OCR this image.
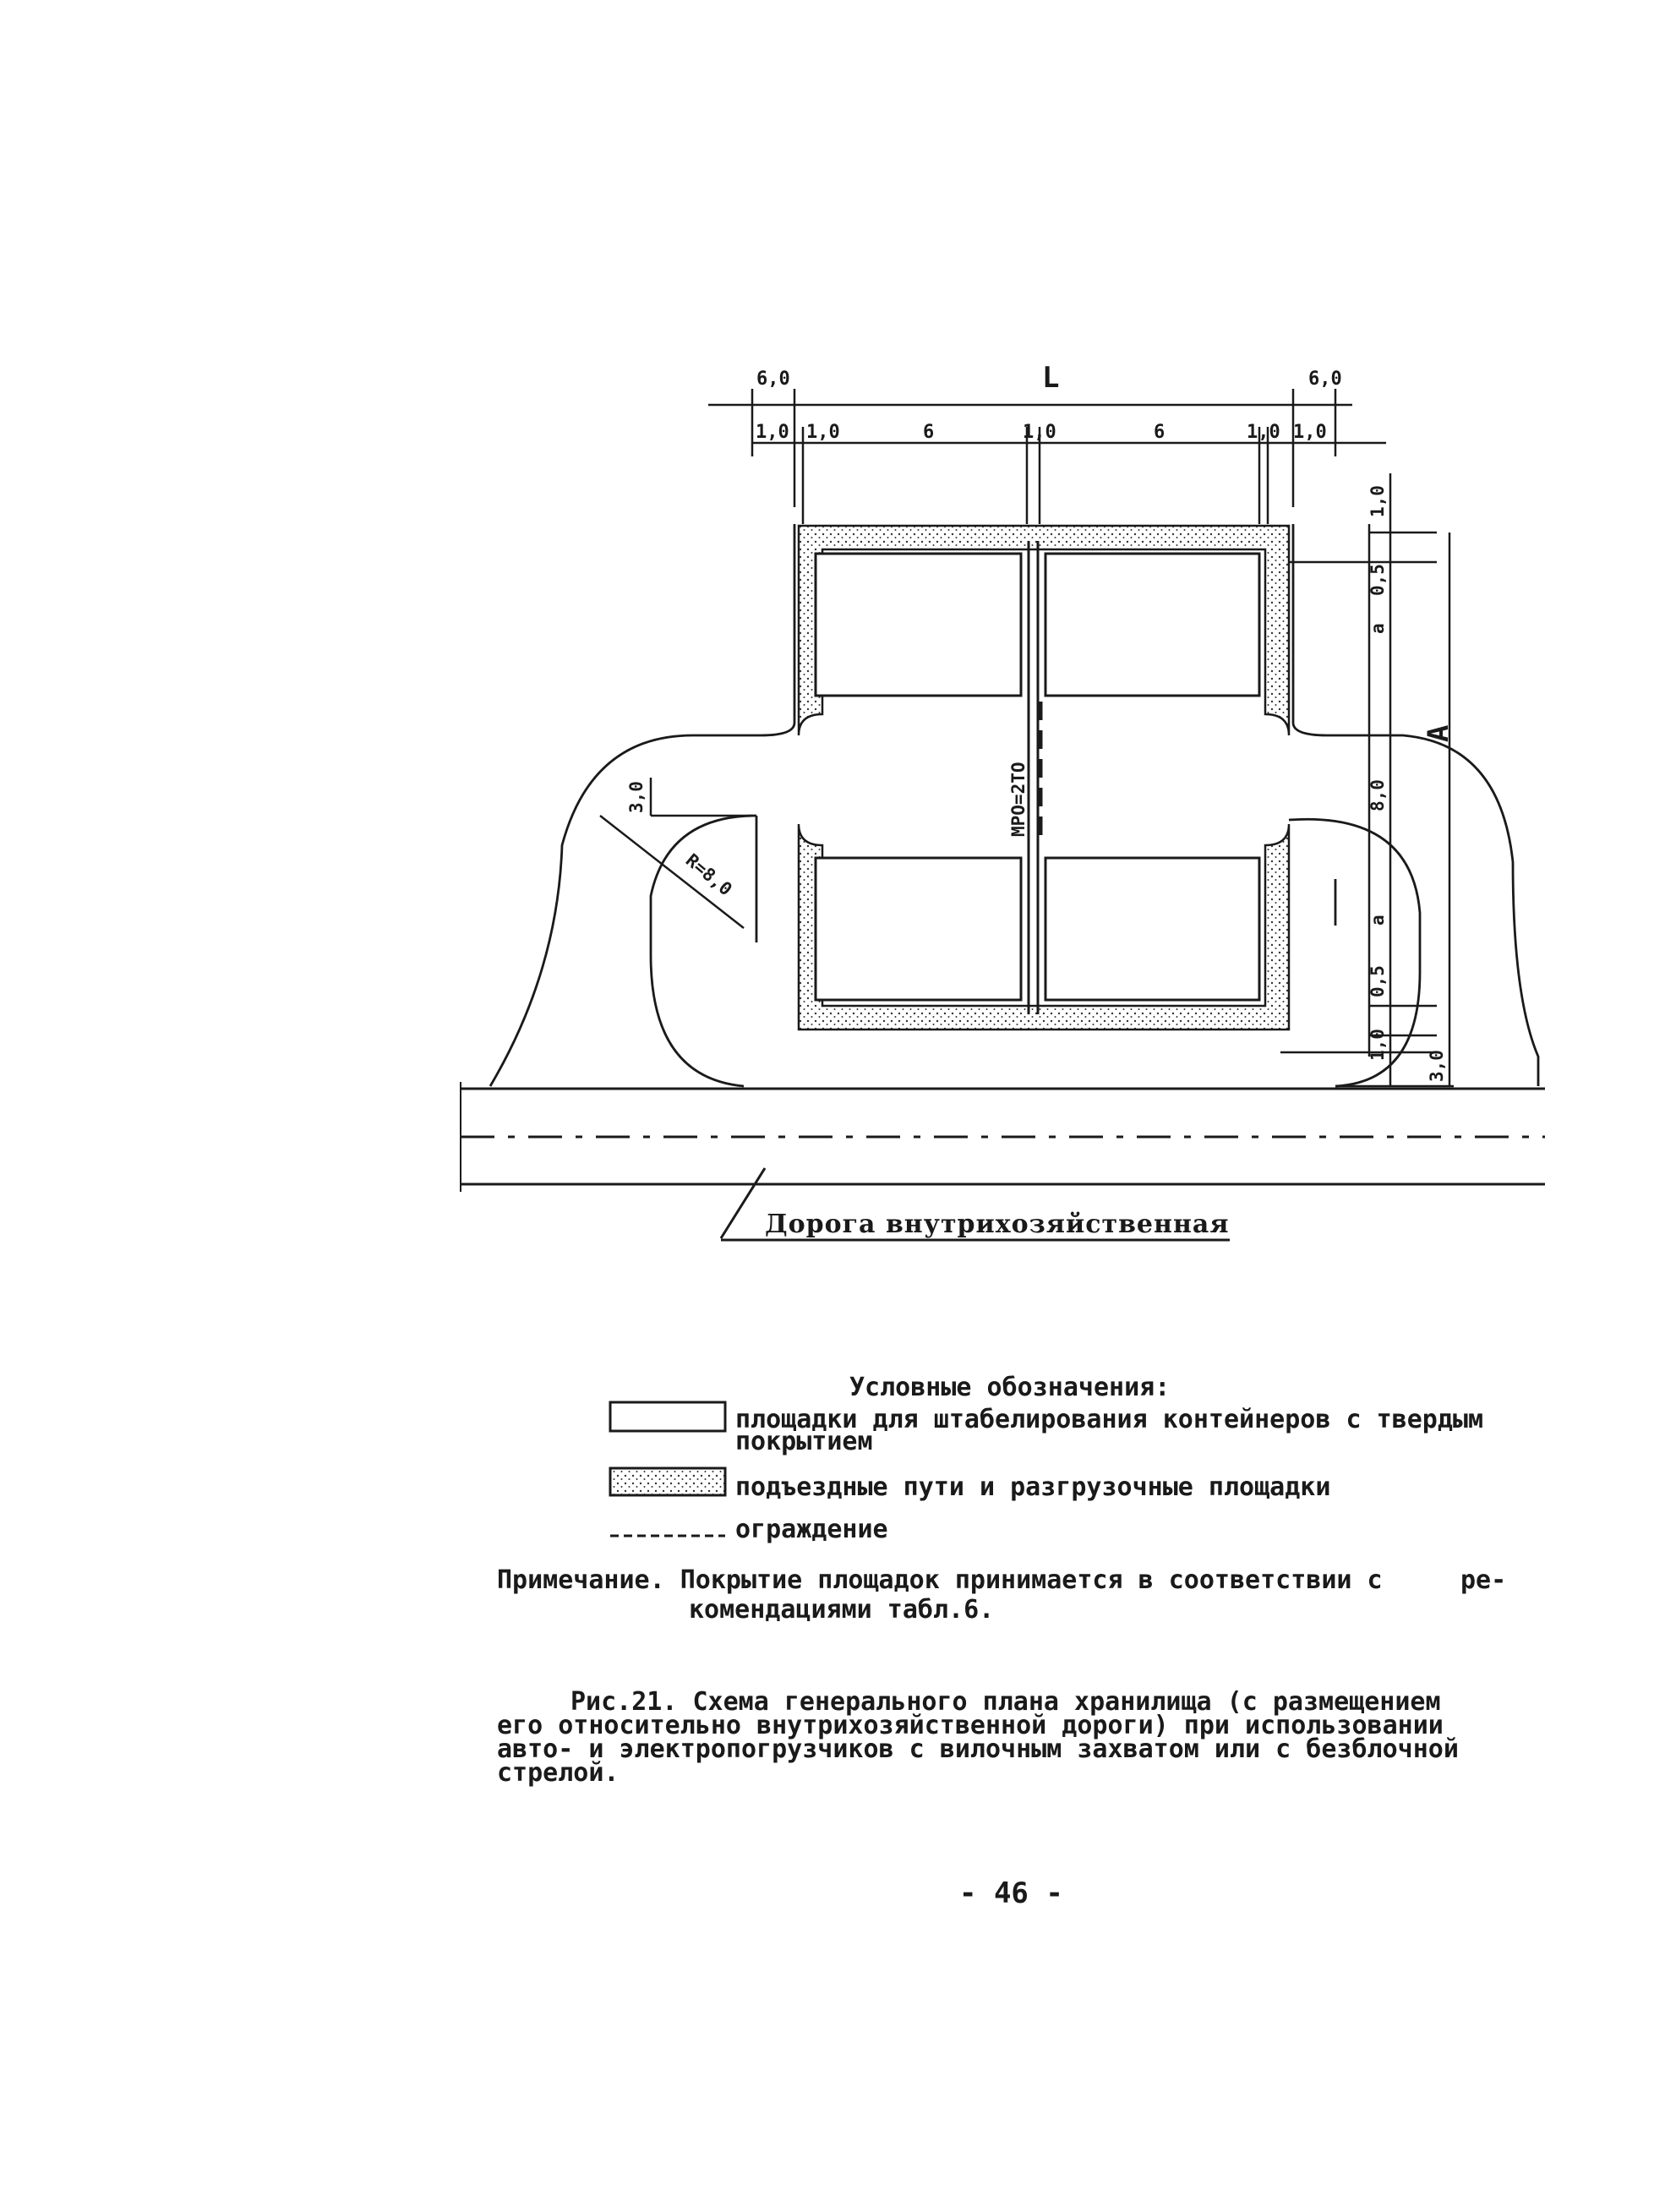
6,0	L	6,0
1,0 1,0	6	1,0	6	1,0 1,0
1,0
0,5
a
8,0
a
0,5
1,0
3,0
A
MPO=2ТО
3,0
R=8,0
Дорога внутрихозяйственная
Условные обозначения:
площадки для штабелирования контейнеров с твердым
покрытием
подъездные пути и разгрузочные площадки
ограждение
Примечание. Покрытие площадок принимается в соответствии с	ре-
комендациями табл.6.
Рис.21. Схема генерального плана хранилища (с размещением
его относительно внутрихозяйственной дороги) при использовании
авто- и электропогрузчиков с вилочным захватом или с безблочной
стрелой.
- 46 -
